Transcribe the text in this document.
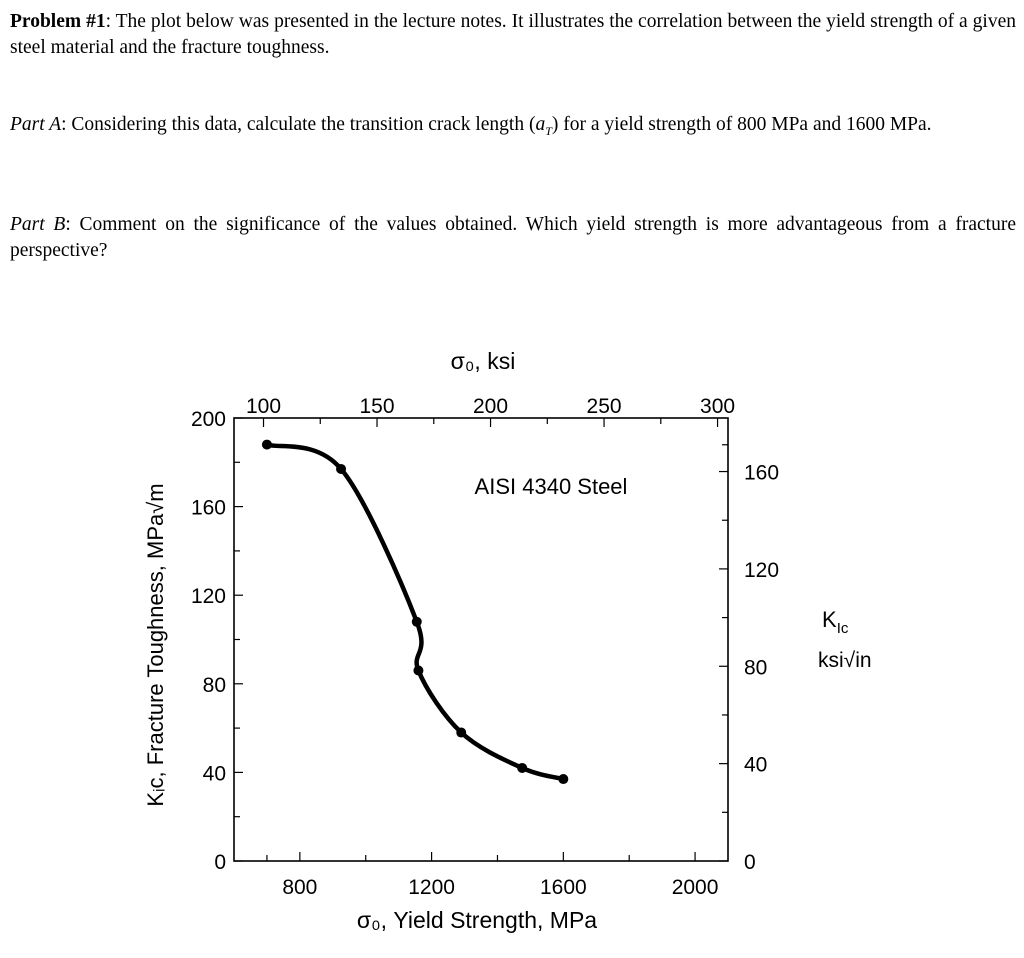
Problem #1: The plot below was presented in the lecture notes. It illustrates the correlation between the yield strength of a given steel material and the fracture toughness.
Part A: Considering this data, calculate the transition crack length $(a_T)$ for a yield strength of 800 MPa and 1600 MPa.
Part B: Comment on the significance of the values obtained. Which yield strength is more advantageous from a fracture perspective?
800	1200	1600	2000
100	150	200	250	300
0
40
80
120
160
200
0
40
80
120
160
AISI 4340 Steel
σ₀, ksi
σ₀, Yield Strength, MPa
Kᵢc, Fracture Toughness, MPa√m	$K_{Ic}$
ksi√in
